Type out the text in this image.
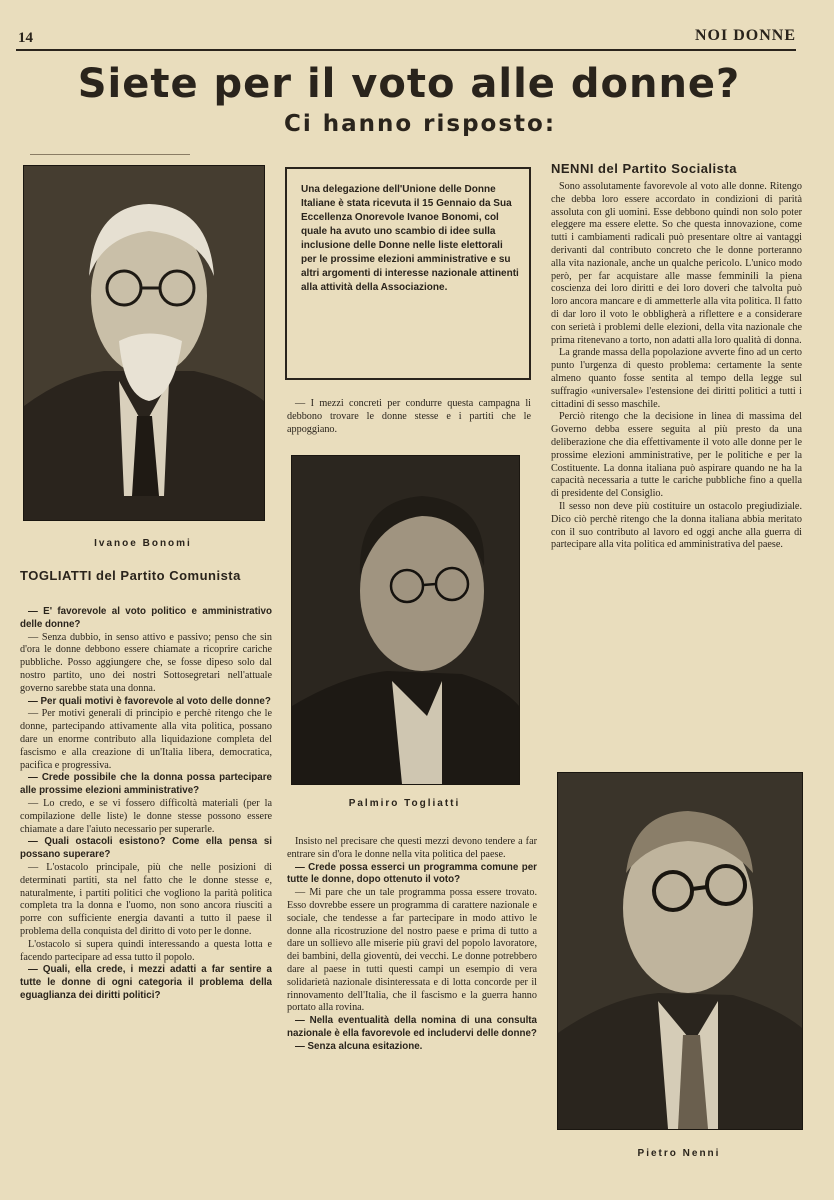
14	NOI DONNE
Siete per il voto alle donne?
Ci hanno risposto:
Ivanoe Bonomi

Una delegazione dell'Unione delle Donne Italiane è stata ricevuta il 15 Gennaio da Sua Eccellenza Onorevole Ivanoe Bonomi, col quale ha avuto uno scambio di idee sulla inclusione delle Donne nelle liste elettorali per le prossime elezioni amministrative e su altri argomenti di interesse nazionale attinenti alla attività della Associazione.

TOGLIATTI del Partito Comunista

— E' favorevole al voto politico e amministrativo delle donne?

— Senza dubbio, in senso attivo e passivo; penso che sin d'ora le donne debbono essere chiamate a ricoprire cariche pubbliche. Posso aggiungere che, se fosse dipeso solo dal nostro partito, uno dei nostri Sottosegretari nell'attuale governo sarebbe stata una donna.

— Per quali motivi è favorevole al voto delle donne?

— Per motivi generali di principio e perchè ritengo che le donne, partecipando attivamente alla vita politica, possano dare un enorme contributo alla liquidazione completa del fascismo e alla creazione di un'Italia libera, democratica, pacifica e progressiva.

— Crede possibile che la donna possa partecipare alle prossime elezioni amministrative?

— Lo credo, e se vi fossero difficoltà materiali (per la compilazione delle liste) le donne stesse possono essere chiamate a dare l'aiuto necessario per superarle.

— Quali ostacoli esistono? Come ella pensa si possano superare?

— L'ostacolo principale, più che nelle posizioni di determinati partiti, sta nel fatto che le donne stesse e, naturalmente, i partiti politici che vogliono la parità politica completa tra la donna e l'uomo, non sono ancora riusciti a porre con sufficiente energia davanti a tutto il paese il problema della conquista del diritto di voto per le donne.

L'ostacolo si supera quindi interessando a questa lotta e facendo partecipare ad essa tutto il popolo.

— Quali, ella crede, i mezzi adatti a far sentire a tutte le donne di ogni categoria il problema della eguaglianza dei diritti politici?

— I mezzi concreti per condurre questa campagna li debbono trovare le donne stesse e i partiti che le appoggiano.

Palmiro Togliatti

Insisto nel precisare che questi mezzi devono tendere a far entrare sin d'ora le donne nella vita politica del paese.

— Crede possa esserci un programma comune per tutte le donne, dopo ottenuto il voto?

— Mi pare che un tale programma possa essere trovato. Esso dovrebbe essere un programma di carattere nazionale e sociale, che tendesse a far partecipare in modo attivo le donne alla ricostruzione del nostro paese e prima di tutto a dare un sollievo alle miserie più gravi del popolo lavoratore, dei bambini, della gioventù, dei vecchi. Le donne potrebbero dare al paese in tutti questi campi un esempio di vera solidarietà nazionale disinteressata e di lotta concorde per il rinnovamento dell'Italia, che il fascismo e la guerra hanno portato alla rovina.

— Nella eventualità della nomina di una consulta nazionale è ella favorevole ed includervi delle donne?

— Senza alcuna esitazione.

NENNI del Partito Socialista

Sono assolutamente favorevole al voto alle donne. Ritengo che debba loro essere accordato in condizioni di parità assoluta con gli uomini. Esse debbono quindi non solo poter eleggere ma essere elette. So che questa innovazione, come tutti i cambiamenti radicali può presentare oltre ai vantaggi derivanti dal contributo concreto che le donne porteranno alla vita nazionale, anche un qualche pericolo. L'unico modo però, per far acquistare alle masse femminili la piena coscienza dei loro diritti e dei loro doveri che talvolta può loro ancora mancare e di ammetterle alla vita politica. Il fatto di dar loro il voto le obbligherà a riflettere e a considerare con serietà i problemi delle elezioni, della vita nazionale che prima ritenevano a torto, non adatti alla loro qualità di donna.

La grande massa della popolazione avverte fino ad un certo punto l'urgenza di questo problema: certamente la sente almeno quanto fosse sentita al tempo della legge sul suffragio «universale» l'estensione dei diritti politici a tutti i cittadini di sesso maschile.

Perciò ritengo che la decisione in linea di massima del Governo debba essere seguita al più presto da una deliberazione che dia effettivamente il voto alle donne per le prossime elezioni amministrative, per le politiche e per la Costituente. La donna italiana può aspirare quando ne ha la capacità necessaria a tutte le cariche pubbliche fino a quella di presidente del Consiglio.

Il sesso non deve più costituire un ostacolo pregiudiziale. Dico ciò perchè ritengo che la donna italiana abbia meritato con il suo contributo al lavoro ed oggi anche alla guerra di partecipare alla vita politica ed amministrativa del paese.

Pietro Nenni
